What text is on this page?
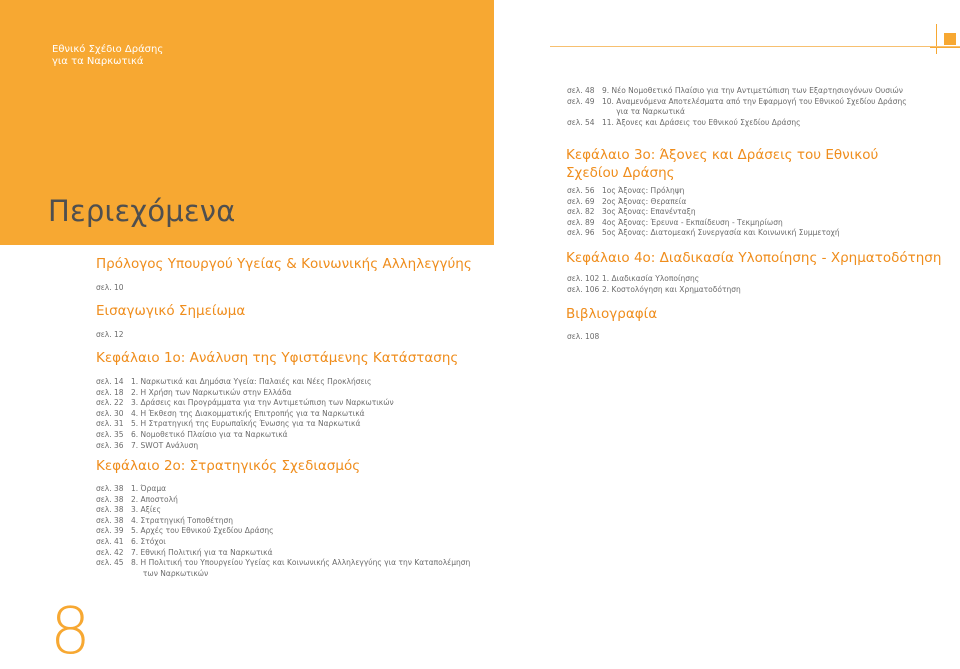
Εθνικό Σχέδιο Δράσης
για τα Ναρκωτικά
Περιεχόμενα
Πρόλογος Υπουργού Υγείας & Κοινωνικής Αλληλεγγύης
σελ. 10
Εισαγωγικό Σημείωμα
σελ. 12
Κεφάλαιο 1ο: Ανάλυση της Υφιστάμενης Κατάστασης
σελ. 14 1. Ναρκωτικά και Δημόσια Υγεία: Παλαιές και Νέες Προκλήσεις
σελ. 18 2. Η Χρήση των Ναρκωτικών στην Ελλάδα
σελ. 22 3. Δράσεις και Προγράμματα για την Αντιμετώπιση των Ναρκωτικών
σελ. 30 4. Η Έκθεση της Διακομματικής Επιτροπής για τα Ναρκωτικά
σελ. 31 5. Η Στρατηγική της Ευρωπαϊκής Ένωσης για τα Ναρκωτικά
σελ. 35 6. Νομοθετικό Πλαίσιο για τα Ναρκωτικά
σελ. 36 7. SWOT Ανάλυση
Κεφάλαιο 2ο: Στρατηγικός Σχεδιασμός
σελ. 38 1. Όραμα
σελ. 38 2. Αποστολή
σελ. 38 3. Αξίες
σελ. 38 4. Στρατηγική Τοποθέτηση
σελ. 39 5. Αρχές του Εθνικού Σχεδίου Δράσης
σελ. 41 6. Στόχοι
σελ. 42 7. Εθνική Πολιτική για τα Ναρκωτικά
σελ. 45 8. Η Πολιτική του Υπουργείου Υγείας και Κοινωνικής Αλληλεγγύης για την Καταπολέμηση
των Ναρκωτικών
σελ. 48 9. Νέο Νομοθετικό Πλαίσιο για την Αντιμετώπιση των Εξαρτησιογόνων Ουσιών
σελ. 49 10. Αναμενόμενα Αποτελέσματα από την Εφαρμογή του Εθνικού Σχεδίου Δράσης
για τα Ναρκωτικά
σελ. 54 11. Άξονες και Δράσεις του Εθνικού Σχεδίου Δράσης
Κεφάλαιο 3ο: Άξονες και Δράσεις του Εθνικού
Σχεδίου Δράσης
σελ. 56 1ος Άξονας: Πρόληψη
σελ. 69 2ος Άξονας: Θεραπεία
σελ. 82 3ος Άξονας: Επανένταξη
σελ. 89 4ος Άξονας: Έρευνα - Εκπαίδευση - Τεκμηρίωση
σελ. 96 5ος Άξονας: Διατομεακή Συνεργασία και Κοινωνική Συμμετοχή
Κεφάλαιο 4ο: Διαδικασία Υλοποίησης - Χρηματοδότηση
σελ. 102 1. Διαδικασία Υλοποίησης
σελ. 106 2. Κοστολόγηση και Χρηματοδότηση
Βιβλιογραφία
σελ. 108
8
